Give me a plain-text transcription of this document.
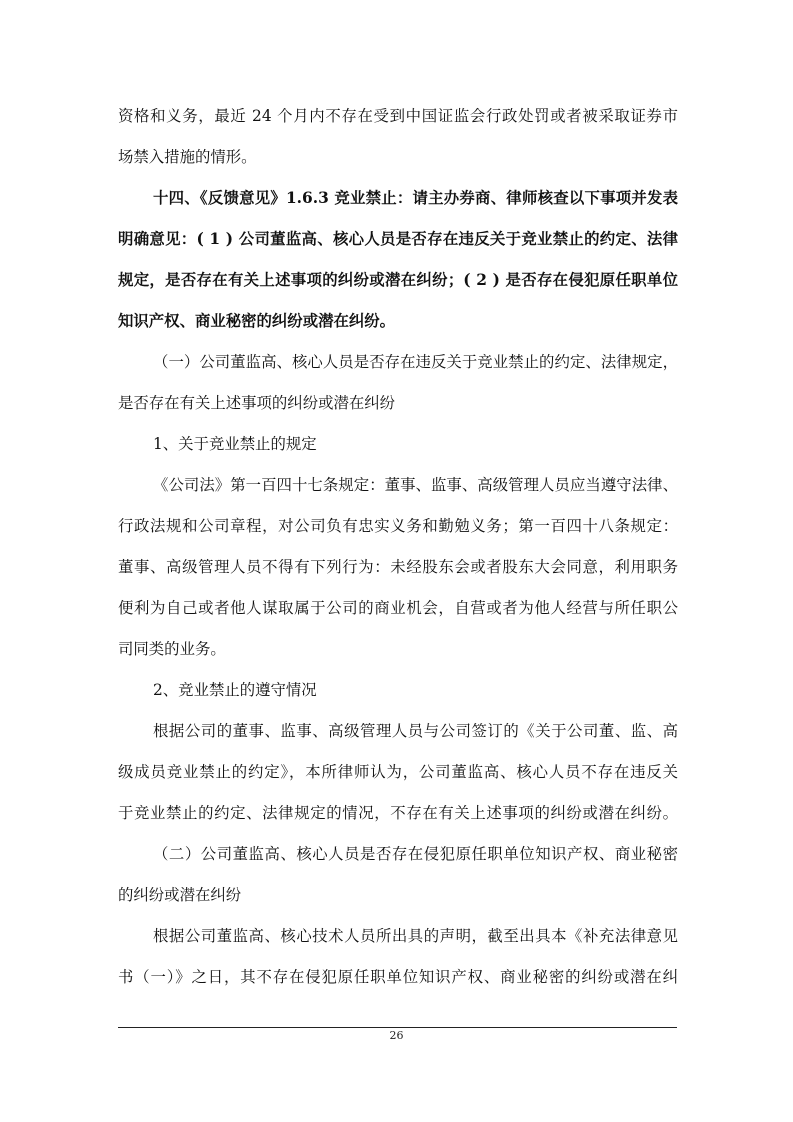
资格和义务，最近 24 个月内不存在受到中国证监会行政处罚或者被采取证券市
场禁入措施的情形。
十四、《反馈意见》1.6.3 竞业禁止：请主办券商、律师核查以下事项并发表
明确意见：( 1 ) 公司董监高、核心人员是否存在违反关于竞业禁止的约定、法律
规定，是否存在有关上述事项的纠纷或潜在纠纷；( 2 ) 是否存在侵犯原任职单位
知识产权、商业秘密的纠纷或潜在纠纷。
（一）公司董监高、核心人员是否存在违反关于竞业禁止的约定、法律规定，
是否存在有关上述事项的纠纷或潜在纠纷
1、关于竞业禁止的规定
《公司法》第一百四十七条规定：董事、监事、高级管理人员应当遵守法律、
行政法规和公司章程，对公司负有忠实义务和勤勉义务；第一百四十八条规定：
董事、高级管理人员不得有下列行为：未经股东会或者股东大会同意，利用职务
便利为自己或者他人谋取属于公司的商业机会，自营或者为他人经营与所任职公
司同类的业务。
2、竞业禁止的遵守情况
根据公司的董事、监事、高级管理人员与公司签订的《关于公司董、监、高
级成员竞业禁止的约定》，本所律师认为，公司董监高、核心人员不存在违反关
于竞业禁止的约定、法律规定的情况，不存在有关上述事项的纠纷或潜在纠纷。
（二）公司董监高、核心人员是否存在侵犯原任职单位知识产权、商业秘密
的纠纷或潜在纠纷
根据公司董监高、核心技术人员所出具的声明，截至出具本《补充法律意见
书（一）》之日，其不存在侵犯原任职单位知识产权、商业秘密的纠纷或潜在纠
26
